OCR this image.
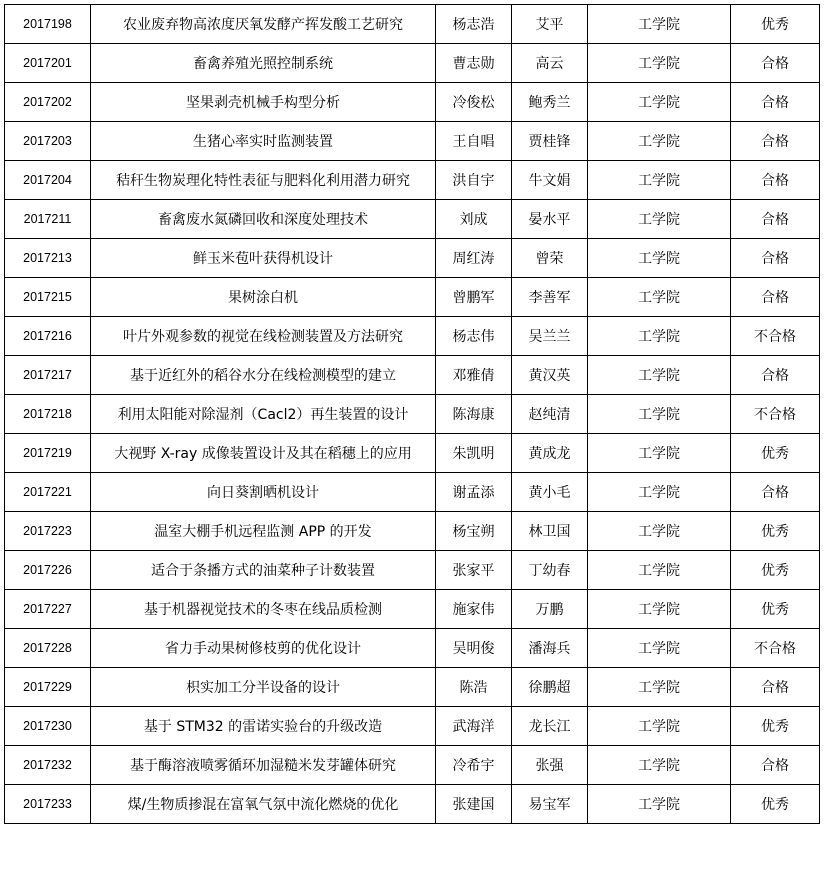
2017198	农业废弃物高浓度厌氧发酵产挥发酸工艺研究	杨志浩	艾平	工学院	优秀
2017201	畜禽养殖光照控制系统	曹志勋	高云	工学院	合格
2017202	坚果剥壳机械手构型分析	冷俊松	鲍秀兰	工学院	合格
2017203	生猪心率实时监测装置	王自唱	贾桂锋	工学院	合格
2017204	秸秆生物炭理化特性表征与肥料化利用潜力研究	洪自宇	牛文娟	工学院	合格
2017211	畜禽废水氮磷回收和深度处理技术	刘成	晏水平	工学院	合格
2017213	鲜玉米苞叶获得机设计	周红涛	曾荣	工学院	合格
2017215	果树涂白机	曾鹏军	李善军	工学院	合格
2017216	叶片外观参数的视觉在线检测装置及方法研究	杨志伟	吴兰兰	工学院	不合格
2017217	基于近红外的稻谷水分在线检测模型的建立	邓雅倩	黄汉英	工学院	合格
2017218	利用太阳能对除湿剂（Cacl2）再生装置的设计	陈海康	赵纯清	工学院	不合格
2017219	大视野 X-ray 成像装置设计及其在稻穗上的应用	朱凯明	黄成龙	工学院	优秀
2017221	向日葵割晒机设计	谢孟添	黄小毛	工学院	合格
2017223	温室大棚手机远程监测 APP 的开发	杨宝朔	林卫国	工学院	优秀
2017226	适合于条播方式的油菜种子计数装置	张家平	丁幼春	工学院	优秀
2017227	基于机器视觉技术的冬枣在线品质检测	施家伟	万鹏	工学院	优秀
2017228	省力手动果树修枝剪的优化设计	吴明俊	潘海兵	工学院	不合格
2017229	枳实加工分半设备的设计	陈浩	徐鹏超	工学院	合格
2017230	基于 STM32 的雷诺实验台的升级改造	武海洋	龙长江	工学院	优秀
2017232	基于酶溶液喷雾循环加湿糙米发芽罐体研究	冷希宇	张强	工学院	合格
2017233	煤/生物质掺混在富氧气氛中流化燃烧的优化	张建国	易宝军	工学院	优秀
